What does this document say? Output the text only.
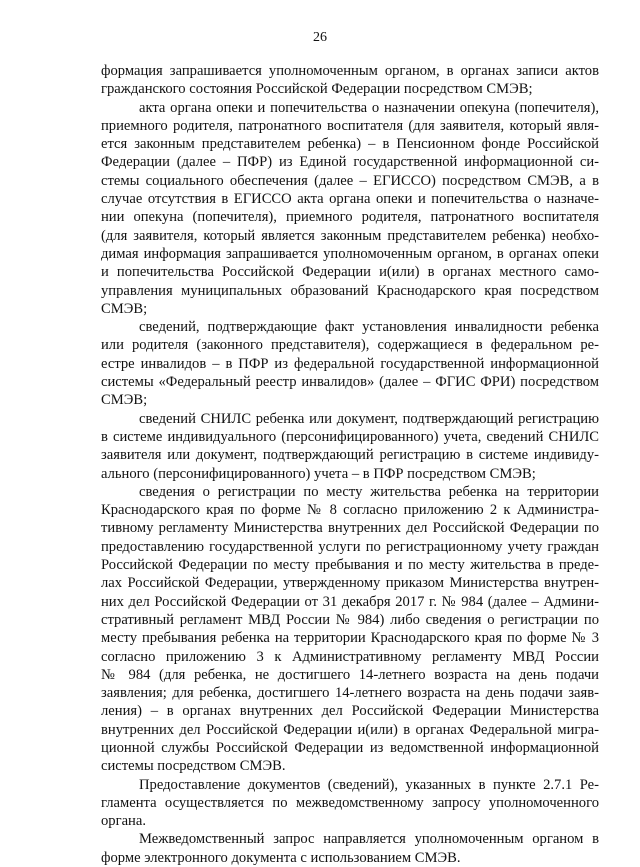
26
формация запрашивается уполномоченным органом, в органах записи актов
гражданского состояния Российской Федерации посредством СМЭВ;
акта органа опеки и попечительства о назначении опекуна (попечителя),
приемного родителя, патронатного воспитателя (для заявителя, который явля-
ется законным представителем ребенка) – в Пенсионном фонде Российской
Федерации (далее – ПФР) из Единой государственной информационной си-
стемы социального обеспечения (далее – ЕГИССО) посредством СМЭВ, а в
случае отсутствия в ЕГИССО акта органа опеки и попечительства о назначе-
нии опекуна (попечителя), приемного родителя, патронатного воспитателя
(для заявителя, который является законным представителем ребенка) необхо-
димая информация запрашивается уполномоченным органом, в органах опеки
и попечительства Российской Федерации и(или) в органах местного само-
управления муниципальных образований Краснодарского края посредством
СМЭВ;
сведений, подтверждающие факт установления инвалидности ребенка
или родителя (законного представителя), содержащиеся в федеральном ре-
естре инвалидов – в ПФР из федеральной государственной информационной
системы «Федеральный реестр инвалидов» (далее – ФГИС ФРИ) посредством
СМЭВ;
сведений СНИЛС ребенка или документ, подтверждающий регистрацию
в системе индивидуального (персонифицированного) учета, сведений СНИЛС
заявителя или документ, подтверждающий регистрацию в системе индивиду-
ального (персонифицированного) учета – в ПФР посредством СМЭВ;
сведения о регистрации по месту жительства ребенка на территории
Краснодарского края по форме № 8 согласно приложению 2 к Администра-
тивному регламенту Министерства внутренних дел Российской Федерации по
предоставлению государственной услуги по регистрационному учету граждан
Российской Федерации по месту пребывания и по месту жительства в преде-
лах Российской Федерации, утвержденному приказом Министерства внутрен-
них дел Российской Федерации от 31 декабря 2017 г. № 984 (далее – Админи-
стративный регламент МВД России № 984) либо сведения о регистрации по
месту пребывания ребенка на территории Краснодарского края по форме № 3
согласно приложению 3 к Административному регламенту МВД России
№ 984 (для ребенка, не достигшего 14-летнего возраста на день подачи
заявления; для ребенка, достигшего 14-летнего возраста на день подачи заяв-
ления) – в органах внутренних дел Российской Федерации Министерства
внутренних дел Российской Федерации и(или) в органах Федеральной мигра-
ционной службы Российской Федерации из ведомственной информационной
системы посредством СМЭВ.
Предоставление документов (сведений), указанных в пункте 2.7.1 Ре-
гламента осуществляется по межведомственному запросу уполномоченного
органа.
Межведомственный запрос направляется уполномоченным органом в
форме электронного документа с использованием СМЭВ.
